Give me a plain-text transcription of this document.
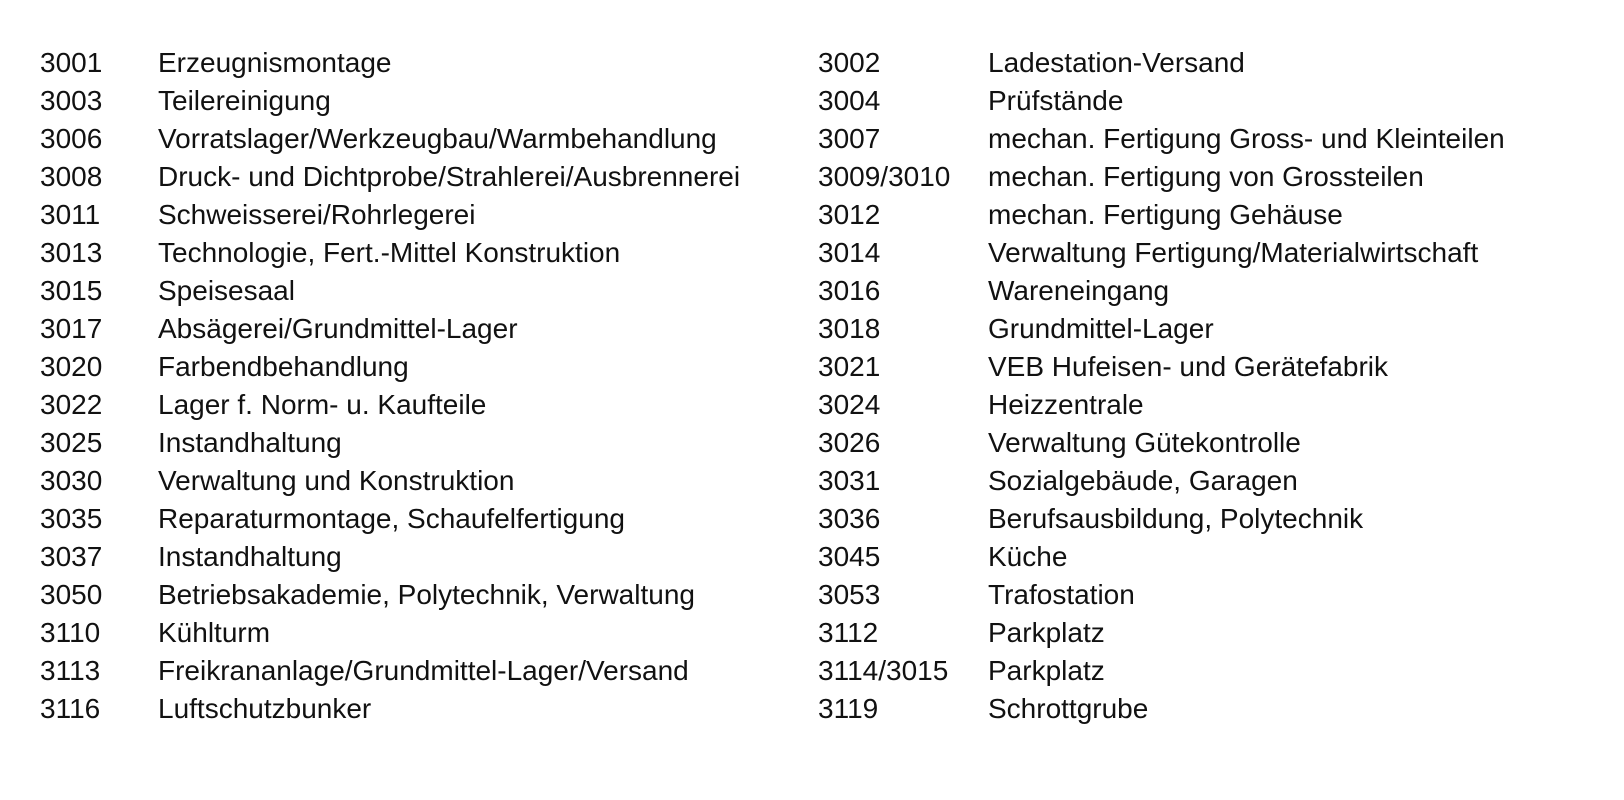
3001	Erzeugnismontage	3002	Ladestation-Versand
3003	Teilereinigung	3004	Prüfstände
3006	Vorratslager/Werkzeugbau/Warmbehandlung	3007	mechan. Fertigung Gross- und Kleinteilen
3008	Druck- und Dichtprobe/Strahlerei/Ausbrennerei	3009/3010	mechan. Fertigung von Grossteilen
3011	Schweisserei/Rohrlegerei	3012	mechan. Fertigung Gehäuse
3013	Technologie, Fert.-Mittel Konstruktion	3014	Verwaltung Fertigung/Materialwirtschaft
3015	Speisesaal	3016	Wareneingang
3017	Absägerei/Grundmittel-Lager	3018	Grundmittel-Lager
3020	Farbendbehandlung	3021	VEB Hufeisen- und Gerätefabrik
3022	Lager f. Norm- u. Kaufteile	3024	Heizzentrale
3025	Instandhaltung	3026	Verwaltung Gütekontrolle
3030	Verwaltung und Konstruktion	3031	Sozialgebäude, Garagen
3035	Reparaturmontage, Schaufelfertigung	3036	Berufsausbildung, Polytechnik
3037	Instandhaltung	3045	Küche
3050	Betriebsakademie, Polytechnik, Verwaltung	3053	Trafostation
3110	Kühlturm	3112	Parkplatz
3113	Freikrananlage/Grundmittel-Lager/Versand	3114/3015	Parkplatz
3116	Luftschutzbunker	3119	Schrottgrube
